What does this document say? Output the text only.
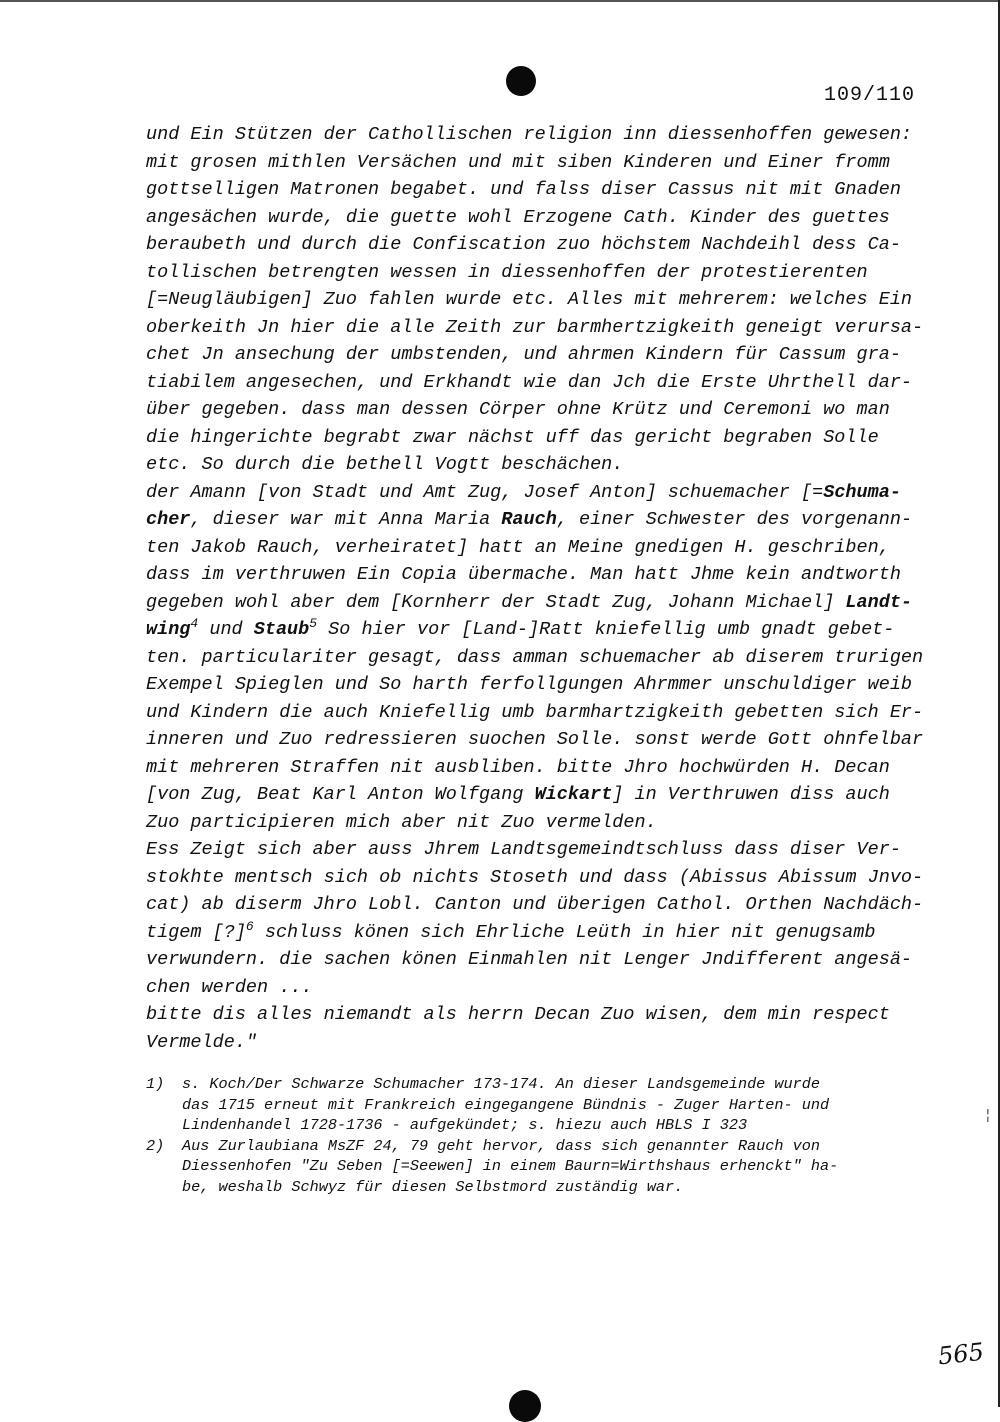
109/110

und Ein Stützen der Cathollischen religion inn diessenhoffen gewesen:
mit grosen mithlen Versächen und mit siben Kinderen und Einer fromm
gottselligen Matronen begabet. und falss diser Cassus nit mit Gnaden
angesächen wurde, die guette wohl Erzogene Cath. Kinder des guettes
beraubeth und durch die Confiscation zuo höchstem Nachdeihl dess Ca-
tollischen betrengten wessen in diessenhoffen der protestierenten
[=Neugläubigen] Zuo fahlen wurde etc. Alles mit mehrerem: welches Ein
oberkeith Jn hier die alle Zeith zur barmhertzigkeith geneigt verursa-
chet Jn ansechung der umbstenden, und ahrmen Kindern für Cassum gra-
tiabilem angesechen, und Erkhandt wie dan Jch die Erste Uhrthell dar-
über gegeben. dass man dessen Cörper ohne Krütz und Ceremoni wo man
die hingerichte begrabt zwar nächst uff das gericht begraben Solle
etc. So durch die bethell Vogtt beschächen.
der Amann [von Stadt und Amt Zug, Josef Anton] schuemacher [=Schuma-
cher, dieser war mit Anna Maria Rauch, einer Schwester des vorgenann-
ten Jakob Rauch, verheiratet] hatt an Meine gnedigen H. geschriben,
dass im verthruwen Ein Copia übermache. Man hatt Jhme kein andtworth
gegeben wohl aber dem [Kornherr der Stadt Zug, Johann Michael] Landt-
wing$^4$ und Staub$^5$ So hier vor [Land-]Ratt kniefellig umb gnadt gebet-
ten. particulariter gesagt, dass amman schuemacher ab diserem trurigen
Exempel Spieglen und So harth ferfollgungen Ahrmmer unschuldiger weib
und Kindern die auch Kniefellig umb barmhartzigkeith gebetten sich Er-
inneren und Zuo redressieren suochen Solle. sonst werde Gott ohnfelbar
mit mehreren Straffen nit ausbliben. bitte Jhro hochwürden H. Decan
[von Zug, Beat Karl Anton Wolfgang Wickart] in Verthruwen diss auch
Zuo participieren mich aber nit Zuo vermelden.
Ess Zeigt sich aber auss Jhrem Landtsgemeindtschluss dass diser Ver-
stokhte mentsch sich ob nichts Stoseth und dass (Abissus Abissum Jnvo-
cat) ab diserm Jhro Lobl. Canton und überigen Cathol. Orthen Nachdäch-
tigem [?]$^6$ schluss könen sich Ehrliche Leüth in hier nit genugsamb
verwundern. die sachen könen Einmahlen nit Lenger Jndifferent angesä-
chen werden ...
bitte dis alles niemandt als herrn Decan Zuo wisen, dem min respect
Vermelde."
1)	s. Koch/Der Schwarze Schumacher 173-174. An dieser Landsgemeinde wurde
das 1715 erneut mit Frankreich eingegangene Bündnis - Zuger Harten- und
Lindenhandel 1728-1736 - aufgekündet; s. hiezu auch HBLS I 323
2)	Aus Zurlaubiana MsZF 24, 79 geht hervor, dass sich genannter Rauch von
Diessenhofen "Zu Seben [=Seewen] in einem Baurn=Wirthshaus erhenckt" ha-
be, weshalb Schwyz für diesen Selbstmord zuständig war.
¦
565
